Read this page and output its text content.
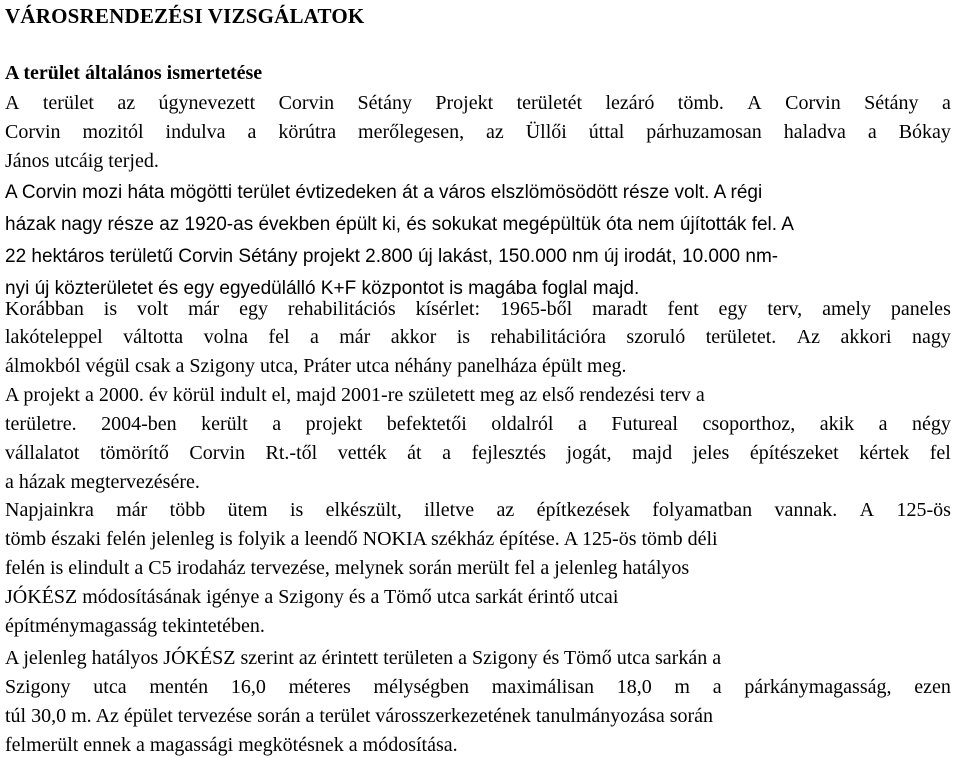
VÁROSRENDEZÉSI VIZSGÁLATOK
A terület általános ismertetése
A terület az úgynevezett Corvin Sétány Projekt területét lezáró tömb. A Corvin Sétány a
Corvin mozitól indulva a körútra merőlegesen, az Üllői úttal párhuzamosan haladva a Bókay
János utcáig terjed.
A Corvin mozi háta mögötti terület évtizedeken át a város elszlömösödött része volt. A régi
házak nagy része az 1920-as években épült ki, és sokukat megépültük óta nem újították fel. A
22 hektáros területű Corvin Sétány projekt 2.800 új lakást, 150.000 nm új irodát, 10.000 nm-
nyi új közterületet és egy egyedülálló K+F központot is magába foglal majd.
Korábban is volt már egy rehabilitációs kísérlet: 1965-ből maradt fent egy terv, amely paneles
lakóteleppel váltotta volna fel a már akkor is rehabilitációra szoruló területet. Az akkori nagy
álmokból végül csak a Szigony utca, Práter utca néhány panelháza épült meg.
A projekt a 2000. év körül indult el, majd 2001-re született meg az első rendezési terv a
területre. 2004-ben került a projekt befektetői oldalról a Futureal csoporthoz, akik a négy
vállalatot tömörítő Corvin Rt.-től vették át a fejlesztés jogát, majd jeles építészeket kértek fel
a házak megtervezésére.
Napjainkra már több ütem is elkészült, illetve az építkezések folyamatban vannak. A 125-ös
tömb északi felén jelenleg is folyik a leendő NOKIA székház építése. A 125-ös tömb déli
felén is elindult a C5 irodaház tervezése, melynek során merült fel a jelenleg hatályos
JÓKÉSZ módosításának igénye a Szigony és a Tömő utca sarkát érintő utcai
építménymagasság tekintetében.
A jelenleg hatályos JÓKÉSZ szerint az érintett területen a Szigony és Tömő utca sarkán a
Szigony utca mentén 16,0 méteres mélységben maximálisan 18,0 m a párkánymagasság, ezen
túl 30,0 m. Az épület tervezése során a terület városszerkezetének tanulmányozása során
felmerült ennek a magassági megkötésnek a módosítása.
